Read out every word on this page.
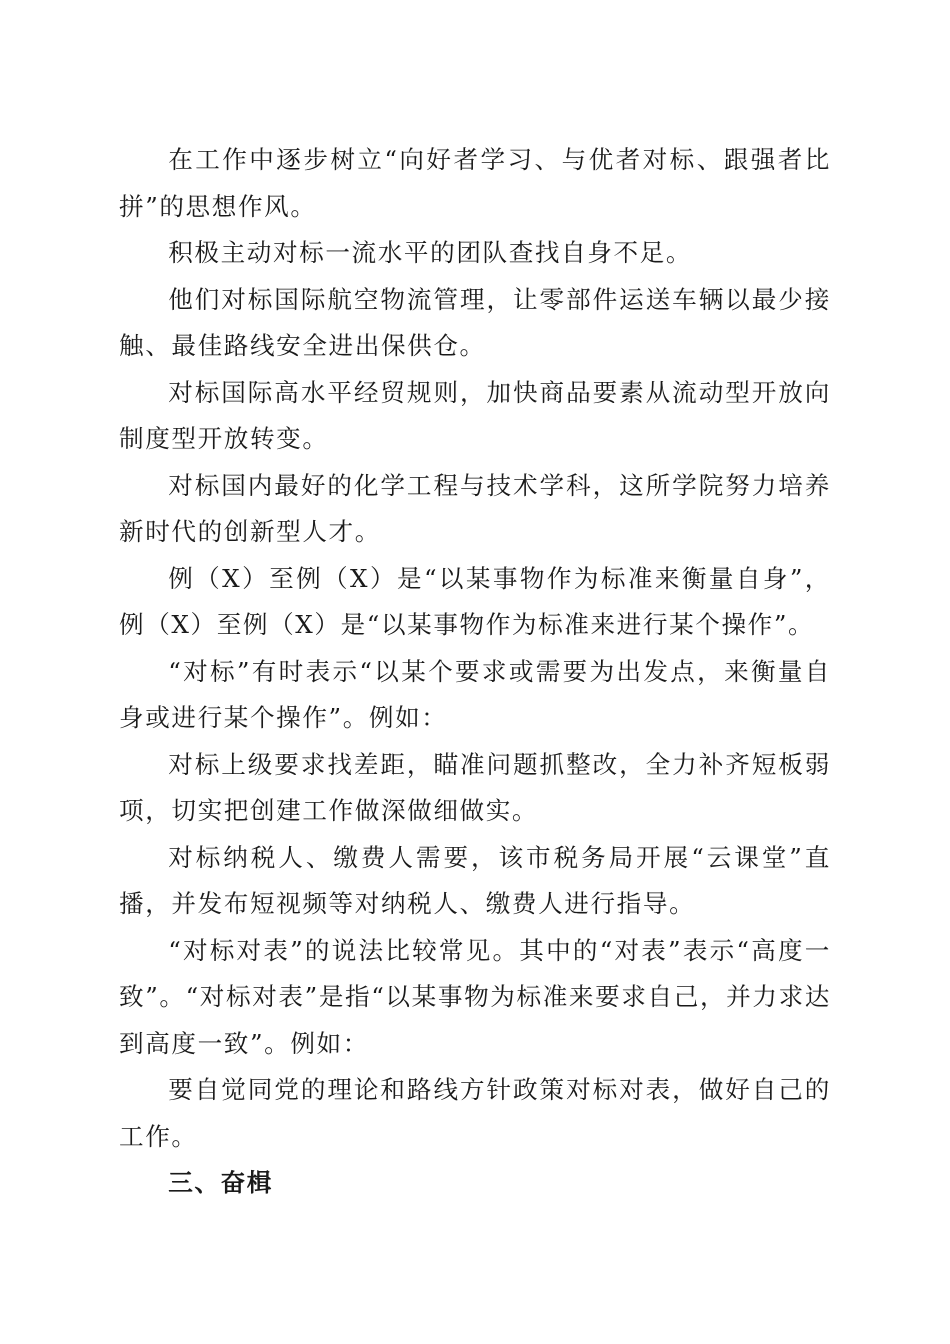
在工作中逐步树立“向好者学习、与优者对标、跟强者比拼”的思想作风。

积极主动对标一流水平的团队查找自身不足。

他们对标国际航空物流管理，让零部件运送车辆以最少接触、最佳路线安全进出保供仓。

对标国际高水平经贸规则，加快商品要素从流动型开放向制度型开放转变。

对标国内最好的化学工程与技术学科，这所学院努力培养新时代的创新型人才。

例（X）至例（X）是“以某事物作为标准来衡量自身”，例（X）至例（X）是“以某事物作为标准来进行某个操作”。

“对标”有时表示“以某个要求或需要为出发点，来衡量自身或进行某个操作”。例如：

对标上级要求找差距，瞄准问题抓整改，全力补齐短板弱项，切实把创建工作做深做细做实。

对标纳税人、缴费人需要，该市税务局开展“云课堂”直播，并发布短视频等对纳税人、缴费人进行指导。

“对标对表”的说法比较常见。其中的“对表”表示“高度一致”。“对标对表”是指“以某事物为标准来要求自己，并力求达到高度一致”。例如：

要自觉同党的理论和路线方针政策对标对表，做好自己的工作。

三、奋楫
